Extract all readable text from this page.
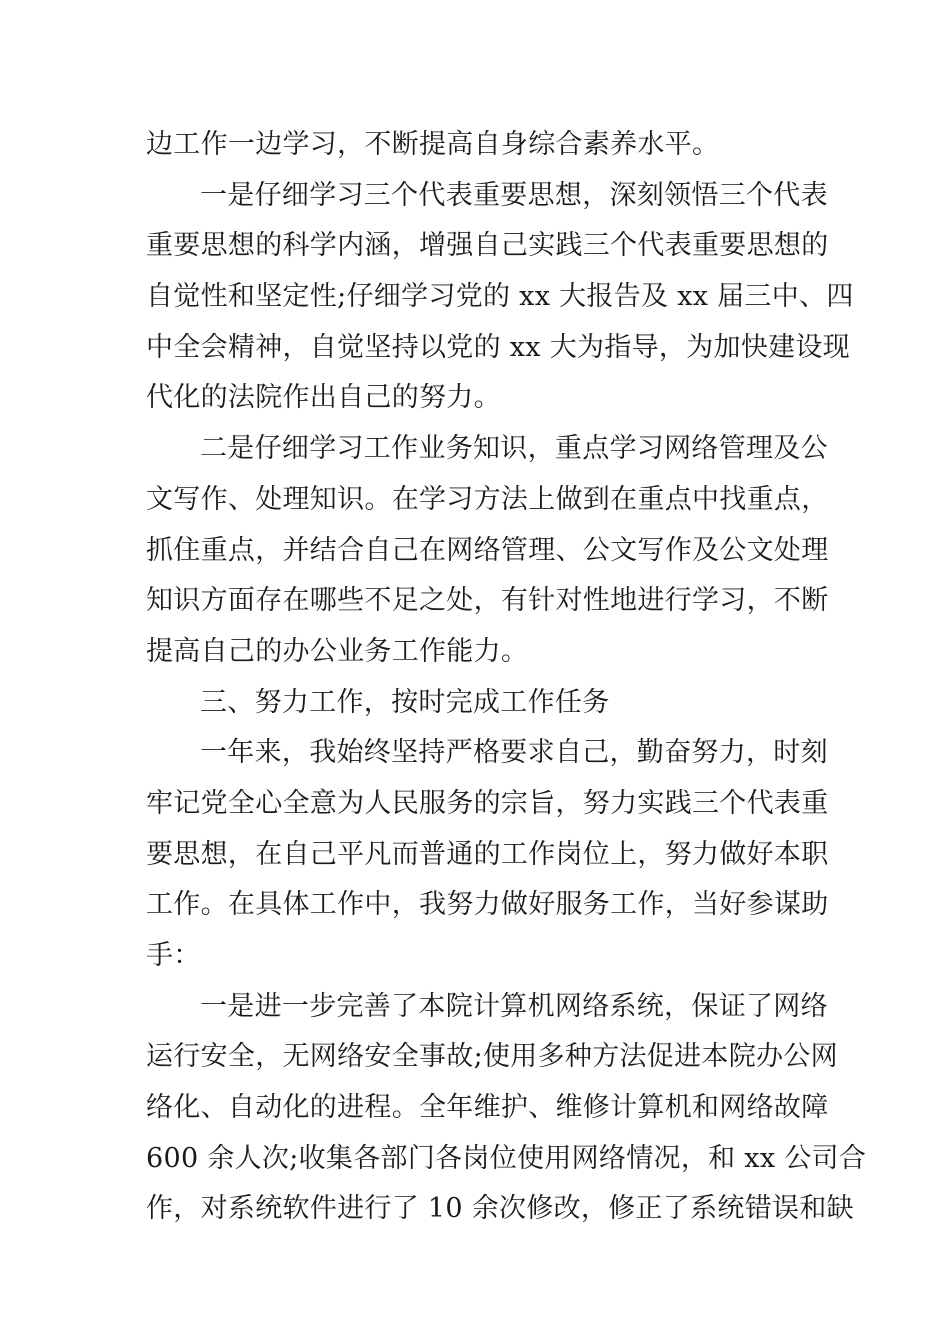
边工作一边学习，不断提高自身综合素养水平。
一是仔细学习三个代表重要思想，深刻领悟三个代表
重要思想的科学内涵，增强自己实践三个代表重要思想的
自觉性和坚定性;仔细学习党的 xx 大报告及 xx 届三中、四
中全会精神，自觉坚持以党的 xx 大为指导，为加快建设现
代化的法院作出自己的努力。
二是仔细学习工作业务知识，重点学习网络管理及公
文写作、处理知识。在学习方法上做到在重点中找重点，
抓住重点，并结合自己在网络管理、公文写作及公文处理
知识方面存在哪些不足之处，有针对性地进行学习，不断
提高自己的办公业务工作能力。
三、努力工作，按时完成工作任务
一年来，我始终坚持严格要求自己，勤奋努力，时刻
牢记党全心全意为人民服务的宗旨，努力实践三个代表重
要思想，在自己平凡而普通的工作岗位上，努力做好本职
工作。在具体工作中，我努力做好服务工作，当好参谋助
手：
一是进一步完善了本院计算机网络系统，保证了网络
运行安全，无网络安全事故;使用多种方法促进本院办公网
络化、自动化的进程。全年维护、维修计算机和网络故障
600 余人次;收集各部门各岗位使用网络情况，和 xx 公司合
作，对系统软件进行了 10 余次修改，修正了系统错误和缺
